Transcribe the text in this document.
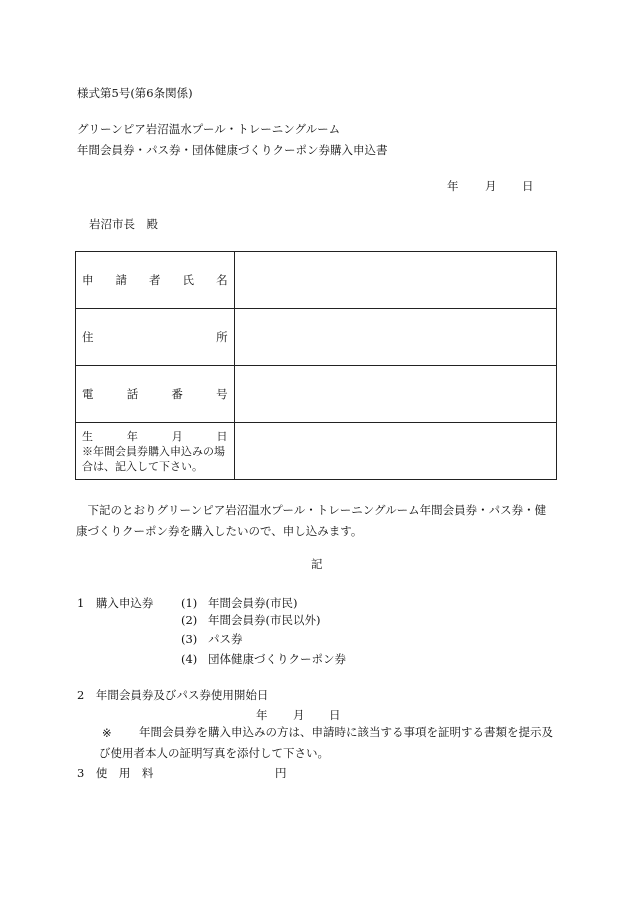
様式第5号(第6条関係)
グリーンピア岩沼温水プール・トレーニングルーム
年間会員券・パス券・団体健康づくりクーポン券購入申込書
年 月 日
岩沼市長　殿
申 請 者 氏 名	

住 所	

電 話 番 号	

生 年 月 日
※年間会員券購入申込みの場合は、記入して下さい。	

下記のとおりグリーンピア岩沼温水プール・トレーニングルーム年間会員券・パス券・健康づくりクーポン券を購入したいので、申し込みます。
記
1　購入申込券 (1) 年間会員券(市民)
(2) 年間会員券(市民以外)
(3) パス券
(4) 団体健康づくりクーポン券
2　年間会員券及びパス券使用開始日
年 月 日
※	年間会員券を購入申込みの方は、申請時に該当する事項を証明する書類を提示及び使用者本人の証明写真を添付して下さい。
3　使　用　料	円
